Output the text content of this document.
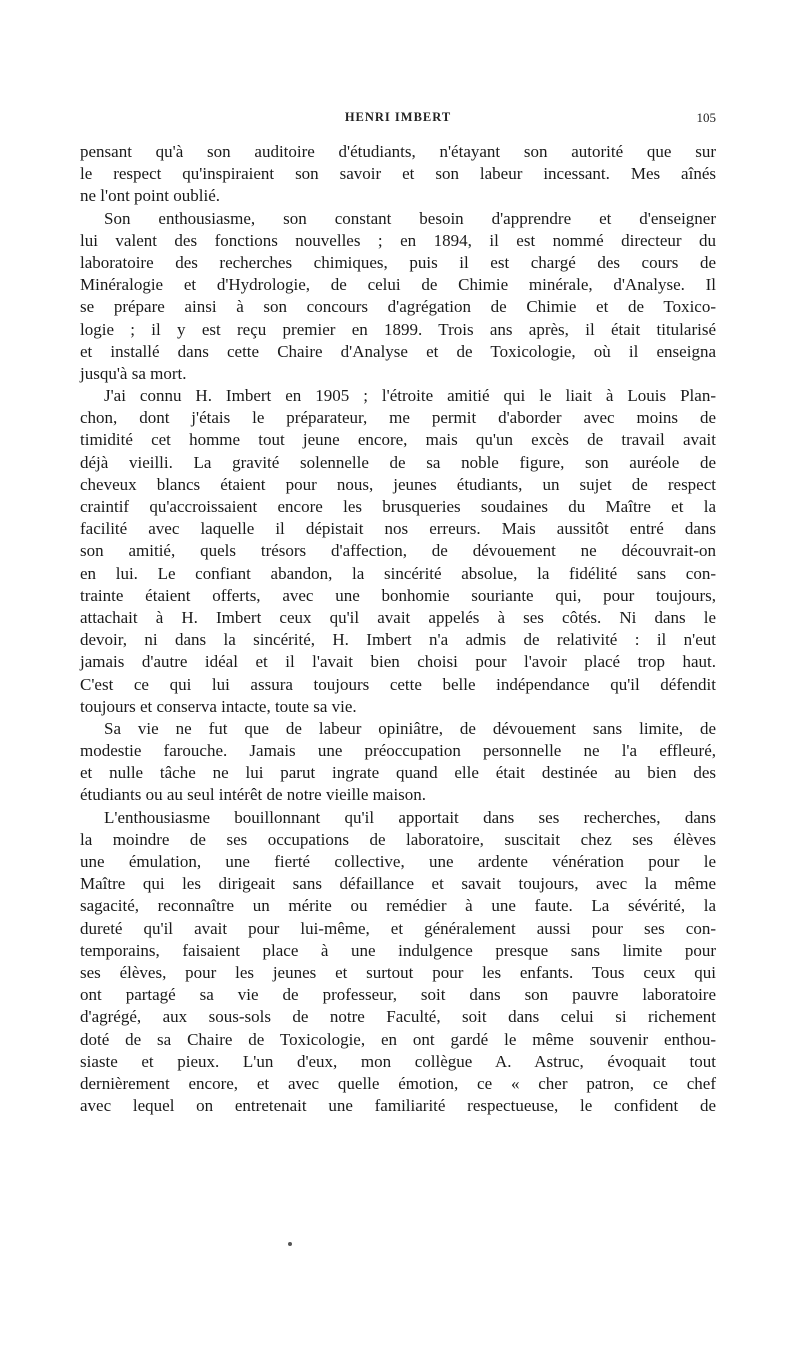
HENRI IMBERT	105
pensant qu'à son auditoire d'étudiants, n'étayant son autorité que sur
le respect qu'inspiraient son savoir et son labeur incessant. Mes aînés
ne l'ont point oublié.
Son enthousiasme, son constant besoin d'apprendre et d'enseigner
lui valent des fonctions nouvelles ; en 1894, il est nommé directeur du
laboratoire des recherches chimiques, puis il est chargé des cours de
Minéralogie et d'Hydrologie, de celui de Chimie minérale, d'Analyse. Il
se prépare ainsi à son concours d'agrégation de Chimie et de Toxico-
logie ; il y est reçu premier en 1899. Trois ans après, il était titularisé
et installé dans cette Chaire d'Analyse et de Toxicologie, où il enseigna
jusqu'à sa mort.
J'ai connu H. Imbert en 1905 ; l'étroite amitié qui le liait à Louis Plan-
chon, dont j'étais le préparateur, me permit d'aborder avec moins de
timidité cet homme tout jeune encore, mais qu'un excès de travail avait
déjà vieilli. La gravité solennelle de sa noble figure, son auréole de
cheveux blancs étaient pour nous, jeunes étudiants, un sujet de respect
craintif qu'accroissaient encore les brusqueries soudaines du Maître et la
facilité avec laquelle il dépistait nos erreurs. Mais aussitôt entré dans
son amitié, quels trésors d'affection, de dévouement ne découvrait-on
en lui. Le confiant abandon, la sincérité absolue, la fidélité sans con-
trainte étaient offerts, avec une bonhomie souriante qui, pour toujours,
attachait à H. Imbert ceux qu'il avait appelés à ses côtés. Ni dans le
devoir, ni dans la sincérité, H. Imbert n'a admis de relativité : il n'eut
jamais d'autre idéal et il l'avait bien choisi pour l'avoir placé trop haut.
C'est ce qui lui assura toujours cette belle indépendance qu'il défendit
toujours et conserva intacte, toute sa vie.
Sa vie ne fut que de labeur opiniâtre, de dévouement sans limite, de
modestie farouche. Jamais une préoccupation personnelle ne l'a effleuré,
et nulle tâche ne lui parut ingrate quand elle était destinée au bien des
étudiants ou au seul intérêt de notre vieille maison.
L'enthousiasme bouillonnant qu'il apportait dans ses recherches, dans
la moindre de ses occupations de laboratoire, suscitait chez ses élèves
une émulation, une fierté collective, une ardente vénération pour le
Maître qui les dirigeait sans défaillance et savait toujours, avec la même
sagacité, reconnaître un mérite ou remédier à une faute. La sévérité, la
dureté qu'il avait pour lui-même, et généralement aussi pour ses con-
temporains, faisaient place à une indulgence presque sans limite pour
ses élèves, pour les jeunes et surtout pour les enfants. Tous ceux qui
ont partagé sa vie de professeur, soit dans son pauvre laboratoire
d'agrégé, aux sous-sols de notre Faculté, soit dans celui si richement
doté de sa Chaire de Toxicologie, en ont gardé le même souvenir enthou-
siaste et pieux. L'un d'eux, mon collègue A. Astruc, évoquait tout
dernièrement encore, et avec quelle émotion, ce « cher patron, ce chef
avec lequel on entretenait une familiarité respectueuse, le confident de
